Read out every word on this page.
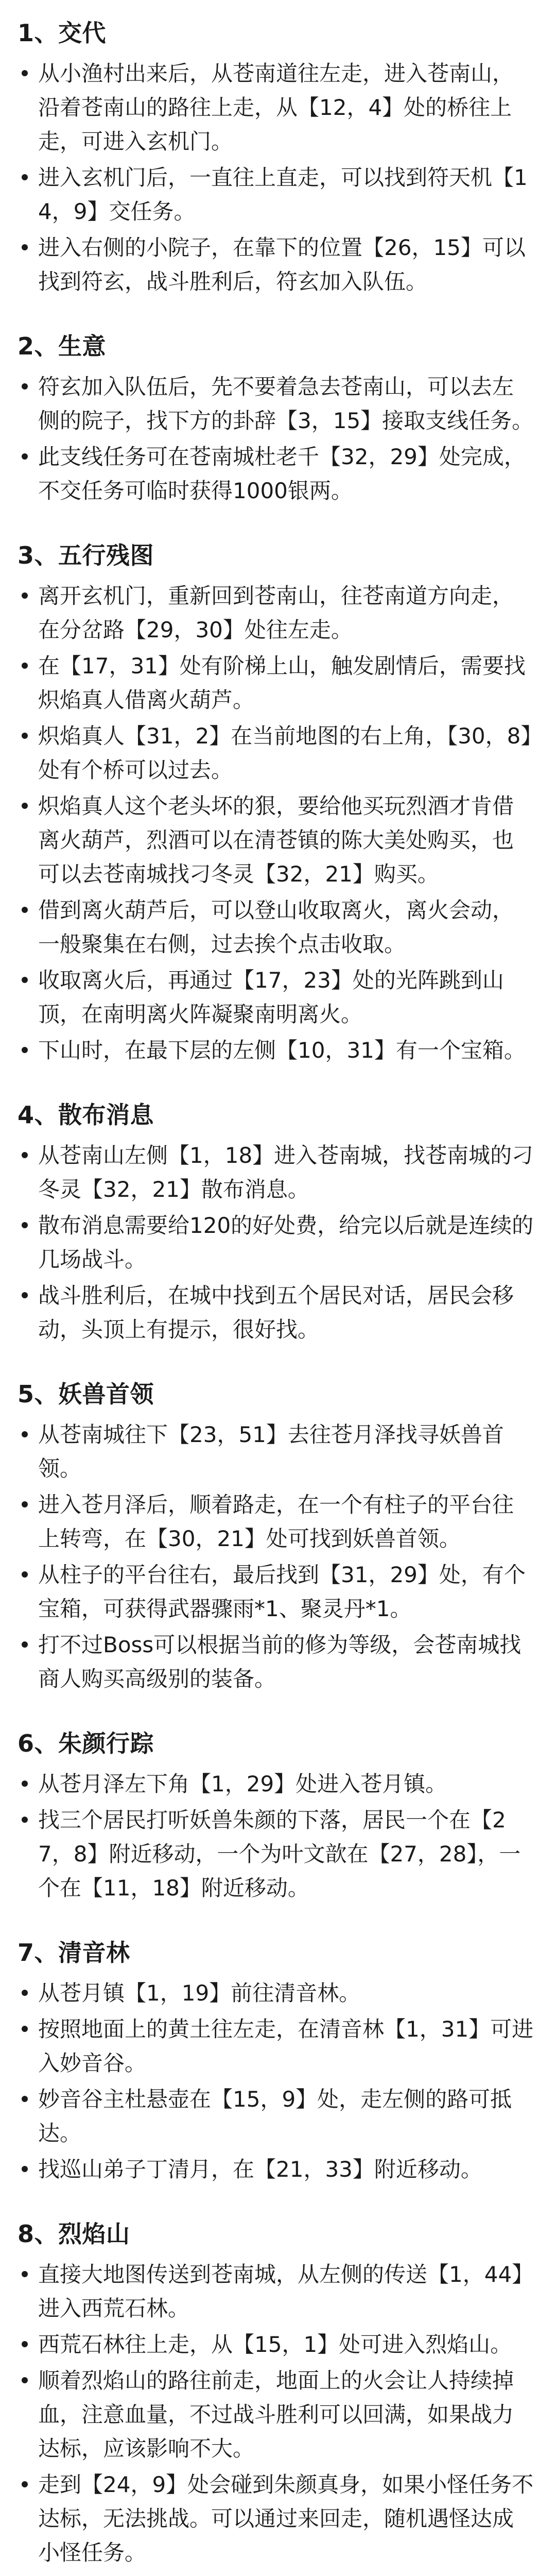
1、交代
从小渔村出来后，从苍南道往左走，进入苍南山，沿着苍南山的路往上走，从【12，4】处的桥往上走，可进入玄机门。
进入玄机门后，一直往上直走，可以找到符天机【14，9】交任务。
进入右侧的小院子，在靠下的位置【26，15】可以找到符玄，战斗胜利后，符玄加入队伍。
2、生意
符玄加入队伍后，先不要着急去苍南山，可以去左侧的院子，找下方的卦辞【3，15】接取支线任务。
此支线任务可在苍南城杜老千【32，29】处完成，不交任务可临时获得1000银两。
3、五行残图
离开玄机门，重新回到苍南山，往苍南道方向走，在分岔路【29，30】处往左走。
在【17，31】处有阶梯上山，触发剧情后，需要找炽焰真人借离火葫芦。
炽焰真人【31，2】在当前地图的右上角，【30，8】处有个桥可以过去。
炽焰真人这个老头坏的狠，要给他买玩烈酒才肯借离火葫芦，烈酒可以在清苍镇的陈大美处购买，也可以去苍南城找刁冬灵【32，21】购买。
借到离火葫芦后，可以登山收取离火，离火会动，一般聚集在右侧，过去挨个点击收取。
收取离火后，再通过【17，23】处的光阵跳到山顶，在南明离火阵凝聚南明离火。
下山时，在最下层的左侧【10，31】有一个宝箱。
4、散布消息
从苍南山左侧【1，18】进入苍南城，找苍南城的刁冬灵【32，21】散布消息。
散布消息需要给120的好处费，给完以后就是连续的几场战斗。
战斗胜利后，在城中找到五个居民对话，居民会移动，头顶上有提示，很好找。
5、妖兽首领
从苍南城往下【23，51】去往苍月泽找寻妖兽首领。
进入苍月泽后，顺着路走，在一个有柱子的平台往上转弯，在【30，21】处可找到妖兽首领。
从柱子的平台往右，最后找到【31，29】处，有个宝箱，可获得武器骤雨*1、聚灵丹*1。
打不过Boss可以根据当前的修为等级，会苍南城找商人购买高级别的装备。
6、朱颜行踪
从苍月泽左下角【1，29】处进入苍月镇。
找三个居民打听妖兽朱颜的下落，居民一个在【27，8】附近移动，一个为叶文歆在【27，28】，一个在【11，18】附近移动。
7、清音林
从苍月镇【1，19】前往清音林。
按照地面上的黄土往左走，在清音林【1，31】可进入妙音谷。
妙音谷主杜悬壶在【15，9】处，走左侧的路可抵达。
找巡山弟子丁清月，在【21，33】附近移动。
8、烈焰山
直接大地图传送到苍南城，从左侧的传送【1，44】进入西荒石林。
西荒石林往上走，从【15，1】处可进入烈焰山。
顺着烈焰山的路往前走，地面上的火会让人持续掉血，注意血量，不过战斗胜利可以回满，如果战力达标，应该影响不大。
走到【24，9】处会碰到朱颜真身，如果小怪任务不达标，无法挑战。可以通过来回走，随机遇怪达成小怪任务。
